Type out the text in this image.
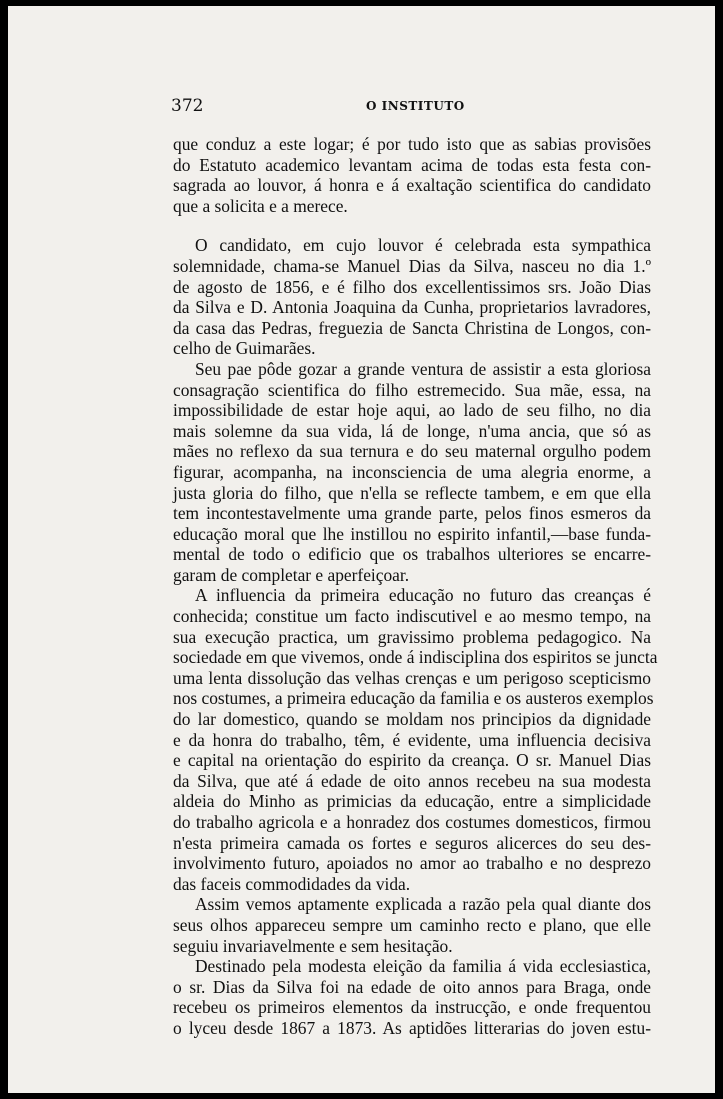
372	O INSTITUTO
que conduz a este logar; é por tudo isto que as sabias provisões
do Estatuto academico levantam acima de todas esta festa con-
sagrada ao louvor, á honra e á exaltação scientifica do candidato
que a solicita e a merece.
O candidato, em cujo louvor é celebrada esta sympathica
solemnidade, chama-se Manuel Dias da Silva, nasceu no dia 1.º
de agosto de 1856, e é filho dos excellentissimos srs. João Dias
da Silva e D. Antonia Joaquina da Cunha, proprietarios lavradores,
da casa das Pedras, freguezia de Sancta Christina de Longos, con-
celho de Guimarães.
Seu pae pôde gozar a grande ventura de assistir a esta gloriosa
consagração scientifica do filho estremecido. Sua mãe, essa, na
impossibilidade de estar hoje aqui, ao lado de seu filho, no dia
mais solemne da sua vida, lá de longe, n'uma ancia, que só as
mães no reflexo da sua ternura e do seu maternal orgulho podem
figurar, acompanha, na inconsciencia de uma alegria enorme, a
justa gloria do filho, que n'ella se reflecte tambem, e em que ella
tem incontestavelmente uma grande parte, pelos finos esmeros da
educação moral que lhe instillou no espirito infantil,—base funda-
mental de todo o edificio que os trabalhos ulteriores se encarre-
garam de completar e aperfeiçoar.
A influencia da primeira educação no futuro das creanças é
conhecida; constitue um facto indiscutivel e ao mesmo tempo, na
sua execução practica, um gravissimo problema pedagogico. Na
sociedade em que vivemos, onde á indisciplina dos espiritos se juncta
uma lenta dissolução das velhas crenças e um perigoso scepticismo
nos costumes, a primeira educação da familia e os austeros exemplos
do lar domestico, quando se moldam nos principios da dignidade
e da honra do trabalho, têm, é evidente, uma influencia decisiva
e capital na orientação do espirito da creança. O sr. Manuel Dias
da Silva, que até á edade de oito annos recebeu na sua modesta
aldeia do Minho as primicias da educação, entre a simplicidade
do trabalho agricola e a honradez dos costumes domesticos, firmou
n'esta primeira camada os fortes e seguros alicerces do seu des-
involvimento futuro, apoiados no amor ao trabalho e no desprezo
das faceis commodidades da vida.
Assim vemos aptamente explicada a razão pela qual diante dos
seus olhos appareceu sempre um caminho recto e plano, que elle
seguiu invariavelmente e sem hesitação.
Destinado pela modesta eleição da familia á vida ecclesiastica,
o sr. Dias da Silva foi na edade de oito annos para Braga, onde
recebeu os primeiros elementos da instrucção, e onde frequentou
o lyceu desde 1867 a 1873. As aptidões litterarias do joven estu-
